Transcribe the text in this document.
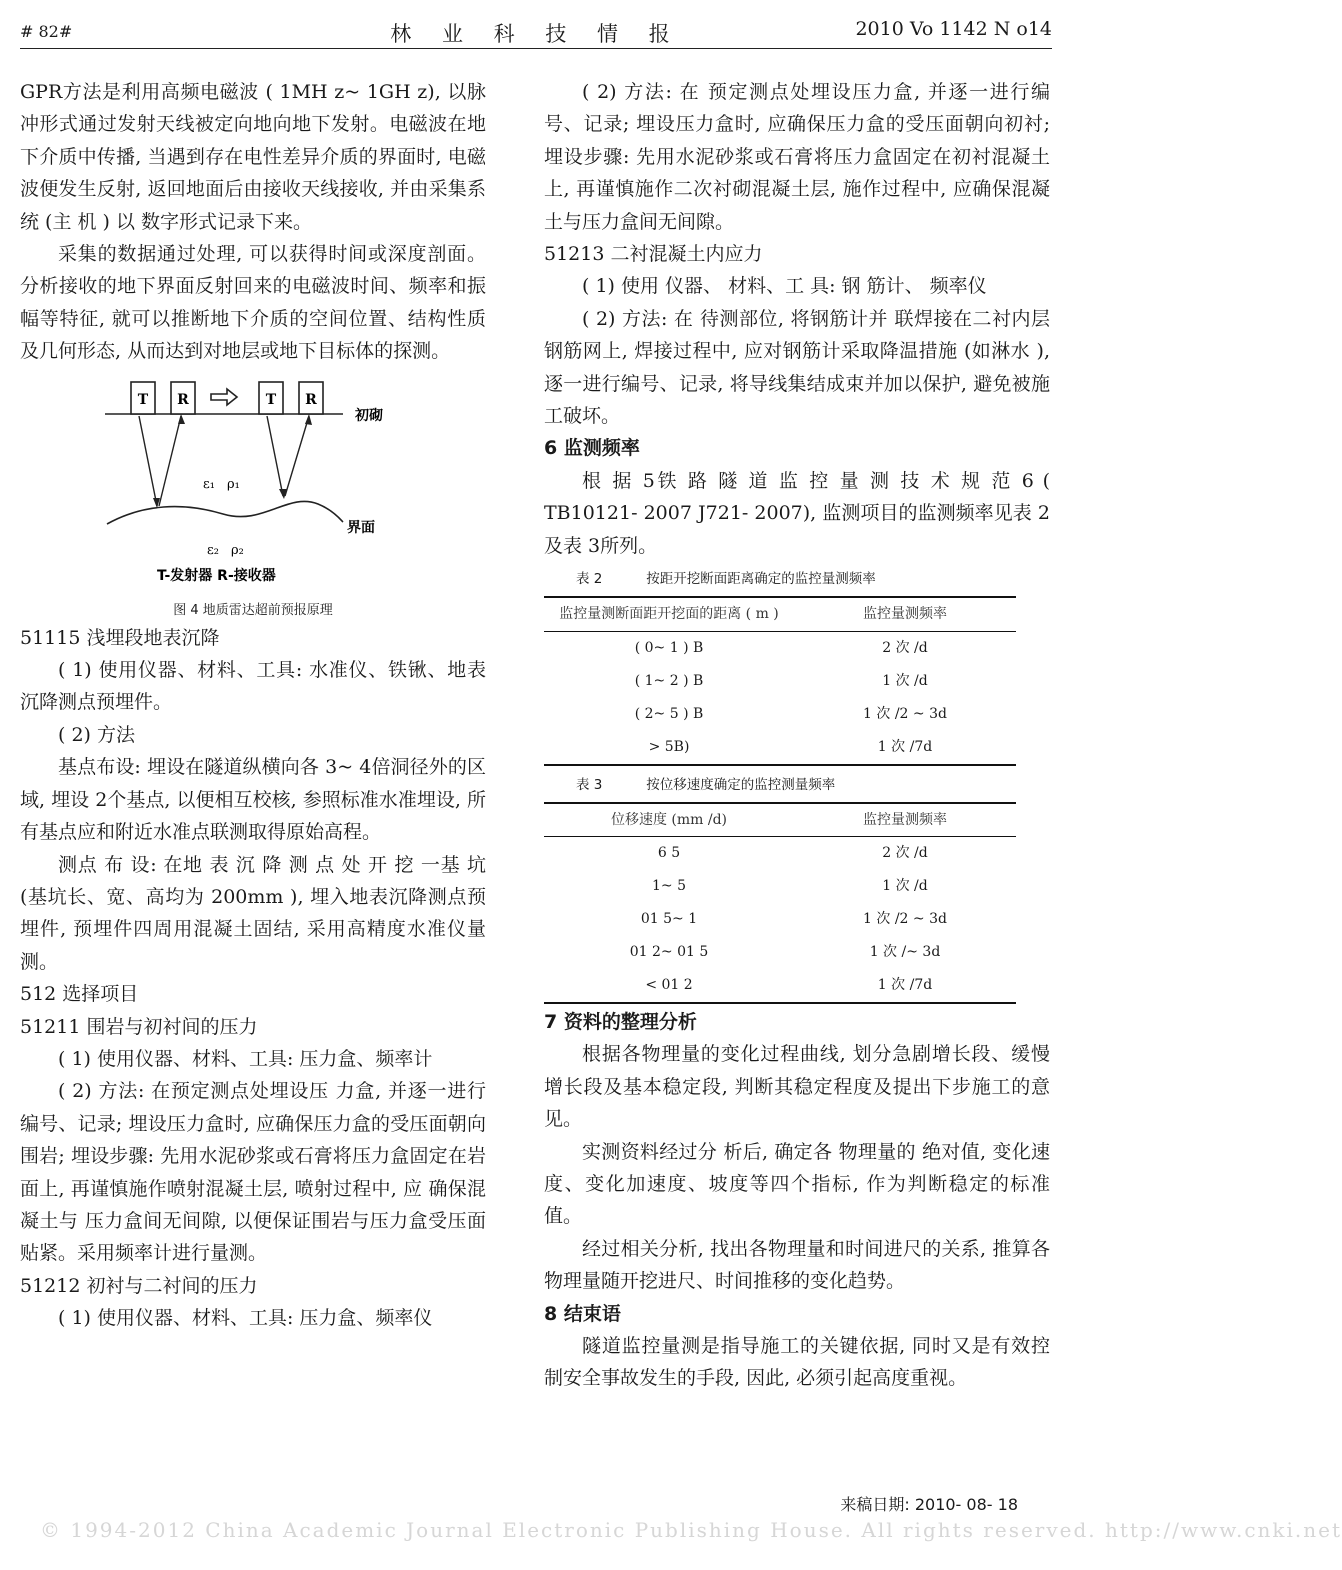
# 82#	林 业 科 技 情 报	2010 Vo 1142 N o14

GPR方法是利用高频电磁波 ( 1MH z~ 1GH z), 以脉冲形式通过发射天线被定向地向地下发射。电磁波在地下介质中传播, 当遇到存在电性差异介质的界面时, 电磁波便发生反射, 返回地面后由接收天线接收, 并由采集系统 (主 机 ) 以 数字形式记录下来。

采集的数据通过处理, 可以获得时间或深度剖面。分析接收的地下界面反射回来的电磁波时间、频率和振幅等特征, 就可以推断地下介质的空间位置、结构性质及几何形态, 从而达到对地层或地下目标体的探测。

T R	T R
初砌
界面
ε₁ ρ₁
ε₂ ρ₂
T-发射器 R-接收器
图 4 地质雷达超前预报原理

51115 浅埋段地表沉降

( 1) 使用仪器、材料、工具: 水准仪、铁锹、地表沉降测点预埋件。

( 2) 方法

基点布设: 埋设在隧道纵横向各 3~ 4倍洞径外的区域, 埋设 2个基点, 以便相互校核, 参照标准水准埋设, 所有基点应和附近水准点联测取得原始高程。

测点 布 设: 在地 表 沉 降 测 点 处 开 挖 一基 坑 (基坑长、宽、高均为 200mm ), 埋入地表沉降测点预埋件, 预埋件四周用混凝土固结, 采用高精度水准仪量测。

512 选择项目

51211 围岩与初衬间的压力

( 1) 使用仪器、材料、工具: 压力盒、频率计

( 2) 方法: 在预定测点处埋设压 力盒, 并逐一进行编号、记录; 埋设压力盒时, 应确保压力盒的受压面朝向围岩; 埋设步骤: 先用水泥砂浆或石膏将压力盒固定在岩面上, 再谨慎施作喷射混凝土层, 喷射过程中, 应 确保混凝土与 压力盒间无间隙, 以便保证围岩与压力盒受压面贴紧。采用频率计进行量测。

51212 初衬与二衬间的压力

( 1) 使用仪器、材料、工具: 压力盒、频率仪

( 2) 方法: 在 预定测点处埋设压力盒, 并逐一进行编号、记录; 埋设压力盒时, 应确保压力盒的受压面朝向初衬; 埋设步骤: 先用水泥砂浆或石膏将压力盒固定在初衬混凝土上, 再谨慎施作二次衬砌混凝土层, 施作过程中, 应确保混凝土与压力盒间无间隙。

51213 二衬混凝土内应力

( 1) 使用 仪器、 材料、工 具: 钢 筋计、 频率仪

( 2) 方法: 在 待测部位, 将钢筋计并 联焊接在二衬内层钢筋网上, 焊接过程中, 应对钢筋计采取降温措施 (如淋水 ), 逐一进行编号、记录, 将导线集结成束并加以保护, 避免被施工破坏。

6 监测频率

根 据 5铁 路 隧 道 监 控 量 测 技 术 规 范 6 ( TB10121- 2007 J721- 2007), 监测项目的监测频率见表 2及表 3所列。

表 2	按距开挖断面距离确定的监控量测频率
监控量测断面距开挖面的距离 ( m )	监控量测频率
( 0~ 1 ) B	2 次 /d
( 1~ 2 ) B	1 次 /d
( 2~ 5 ) B	1 次 /2 ~ 3d
> 5B)	1 次 /7d
表 3	按位移速度确定的监控测量频率
位移速度 (mm /d)	监控量测频率
6 5	2 次 /d
1~ 5	1 次 /d
01 5~ 1	1 次 /2 ~ 3d
01 2~ 01 5	1 次 /~ 3d
< 01 2	1 次 /7d

7 资料的整理分析

根据各物理量的变化过程曲线, 划分急剧增长段、缓慢增长段及基本稳定段, 判断其稳定程度及提出下步施工的意见。

实测资料经过分 析后, 确定各 物理量的 绝对值, 变化速度、变化加速度、坡度等四个指标, 作为判断稳定的标准值。

经过相关分析, 找出各物理量和时间进尺的关系, 推算各物理量随开挖进尺、时间推移的变化趋势。

8 结束语

隧道监控量测是指导施工的关键依据, 同时又是有效控制安全事故发生的手段, 因此, 必须引起高度重视。

来稿日期: 2010- 08- 18
© 1994-2012 China Academic Journal Electronic Publishing House. All rights reserved. http://www.cnki.net
